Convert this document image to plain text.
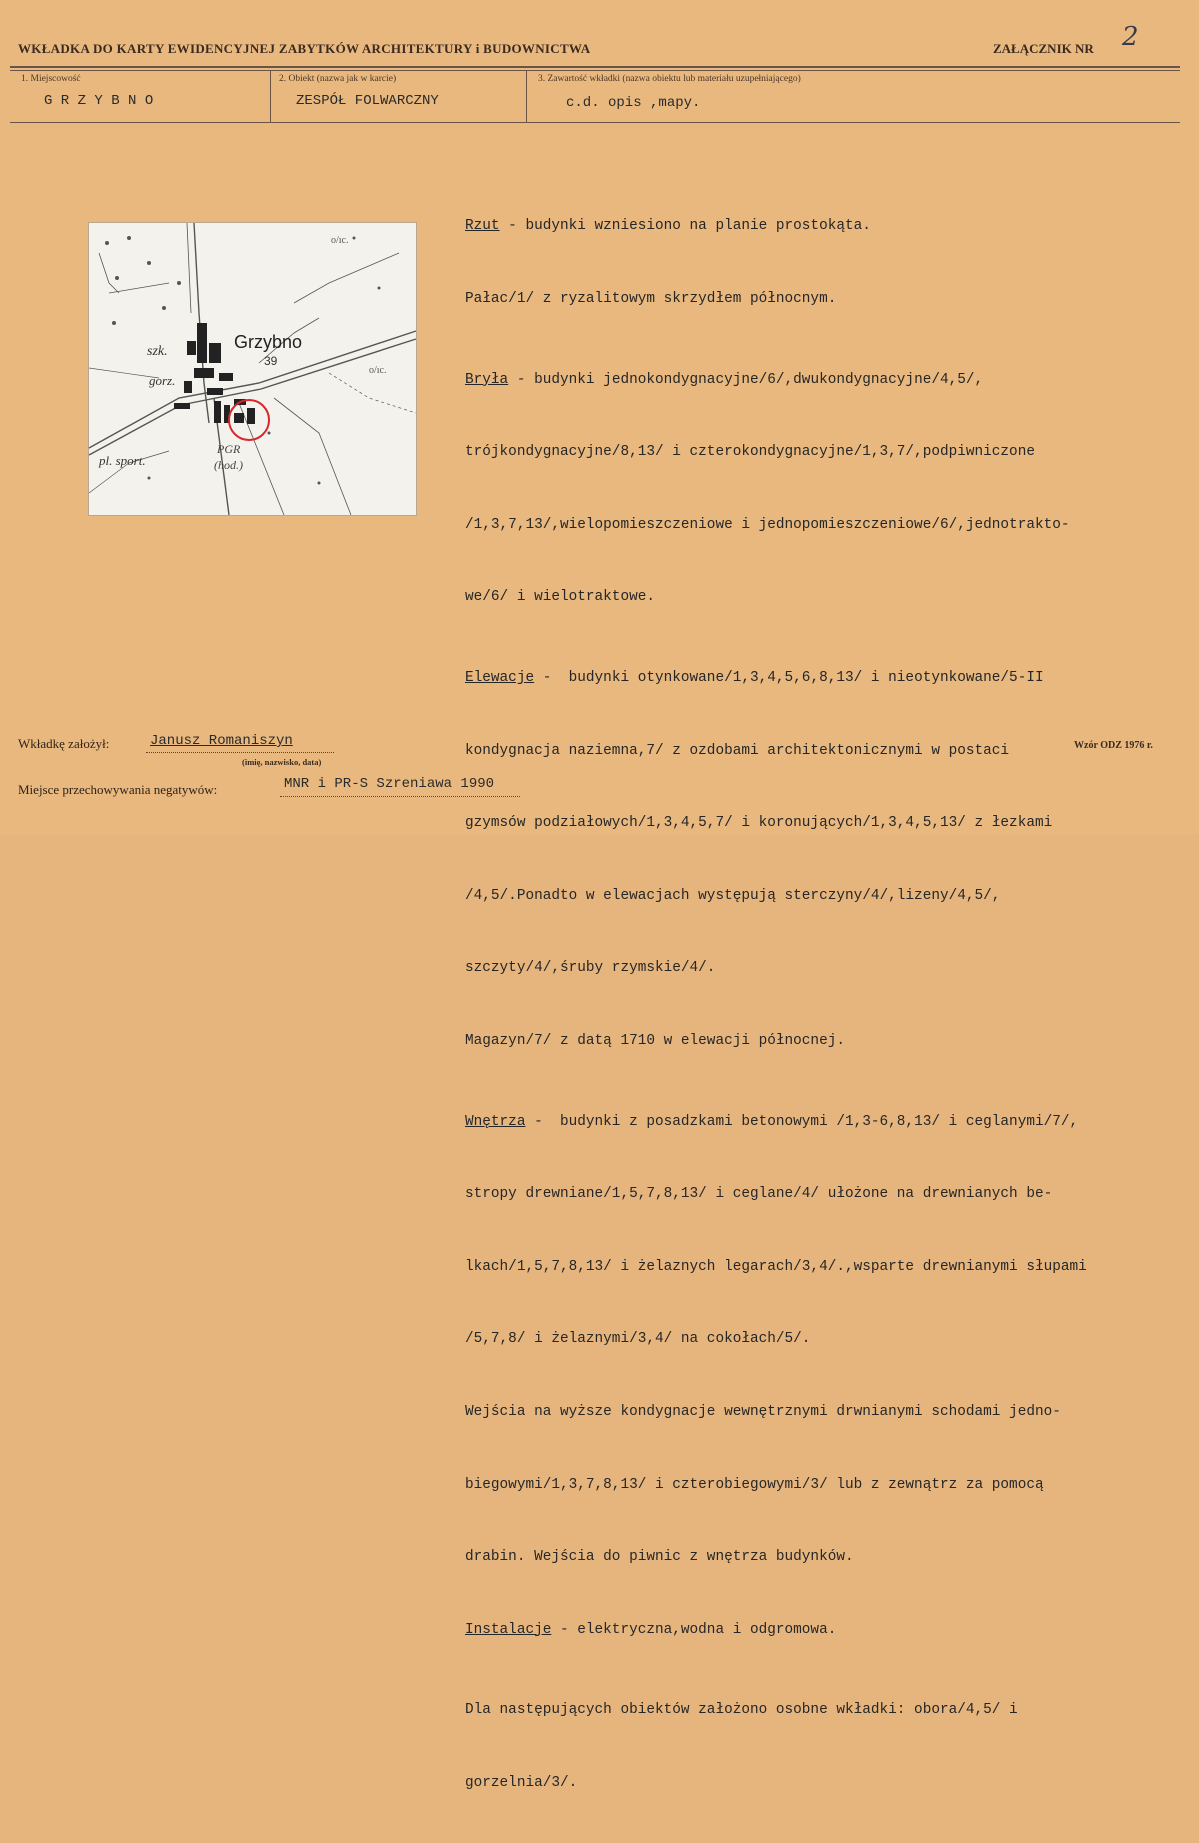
WKŁADKA DO KARTY EWIDENCYJNEJ ZABYTKÓW ARCHITEKTURY i BUDOWNICTWA	ZAŁĄCZNIK NR 2
1. Miejscowość
G R Z Y B N O
2. Obiekt (nazwa jak w karcie)
ZESPÓŁ FOLWARCZNY
3. Zawartość wkładki (nazwa obiektu lub materiału uzupełniającego)
c.d. opis ,mapy.
Grzybno
szk.
gorz.
pl. sport.
PGR
(hod.)
39
o/ıc.
o/ıc.

Rzut - budynki wzniesiono na planie prostokąta.

Pałac/1/ z ryzalitowym skrzydłem północnym.

Bryła - budynki jednokondygnacyjne/6/,dwukondygnacyjne/4,5/,

trójkondygnacyjne/8,13/ i czterokondygnacyjne/1,3,7/,podpiwniczone

/1,3,7,13/,wielopomieszczeniowe i jednopomieszczeniowe/6/,jednotrakto-

we/6/ i wielotraktowe.

Elewacje -  budynki otynkowane/1,3,4,5,6,8,13/ i nieotynkowane/5-II

kondygnacja naziemna,7/ z ozdobami architektonicznymi w postaci

gzymsów podziałowych/1,3,4,5,7/ i koronujących/1,3,4,5,13/ z łezkami

/4,5/.Ponadto w elewacjach występują sterczyny/4/,lizeny/4,5/,

szczyty/4/,śruby rzymskie/4/.

Magazyn/7/ z datą 1710 w elewacji północnej.

Wnętrza -  budynki z posadzkami betonowymi /1,3-6,8,13/ i ceglanymi/7/,

stropy drewniane/1,5,7,8,13/ i ceglane/4/ ułożone na drewnianych be-

lkach/1,5,7,8,13/ i żelaznych legarach/3,4/.,wsparte drewnianymi słupami

/5,7,8/ i żelaznymi/3,4/ na cokołach/5/.

Wejścia na wyższe kondygnacje wewnętrznymi drwnianymi schodami jedno-

biegowymi/1,3,7,8,13/ i czterobiegowymi/3/ lub z zewnątrz za pomocą

drabin. Wejścia do piwnic z wnętrza budynków.

Instalacje - elektryczna,wodna i odgromowa.

Dla następujących obiektów założono osobne wkładki: obora/4,5/ i

gorzelnia/3/.

Wkładkę założył:	Janusz Romaniszyn
(imię, nazwisko, data)
Miejsce przechowywania negatywów:	MNR i PR-S Szreniawa 1990
Wzór ODZ 1976 r.
